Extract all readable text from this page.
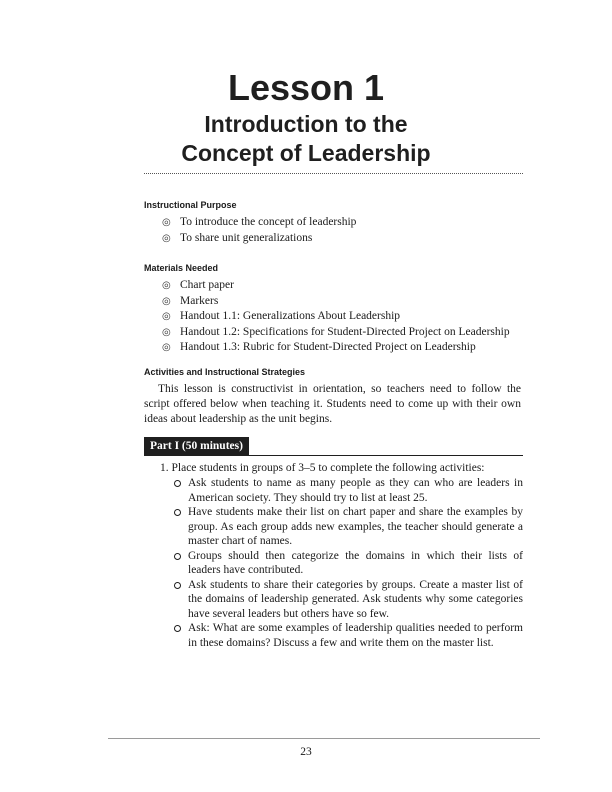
Lesson 1
Introduction to the
Concept of Leadership
Instructional Purpose
◎ To introduce the concept of leadership
◎ To share unit generalizations
Materials Needed
◎ Chart paper
◎ Markers
◎ Handout 1.1: Generalizations About Leadership
◎ Handout 1.2: Specifications for Student-Directed Project on Leadership
◎ Handout 1.3: Rubric for Student-Directed Project on Leadership
Activities and Instructional Strategies

This lesson is constructivist in orientation, so teachers need to follow the script offered below when teaching it. Students need to come up with their own ideas about leadership as the unit begins.

Part I (50 minutes)
1. Place students in groups of 3–5 to complete the following activities:
Ask students to name as many people as they can who are leaders in American society. They should try to list at least 25.
Have students make their list on chart paper and share the examples by group. As each group adds new examples, the teacher should generate a master chart of names.
Groups should then categorize the domains in which their lists of leaders have contributed.
Ask students to share their categories by groups. Create a master list of the domains of leadership generated. Ask students why some categories have several leaders but others have so few.
Ask: What are some examples of leadership qualities needed to perform in these domains? Discuss a few and write them on the master list.
23
